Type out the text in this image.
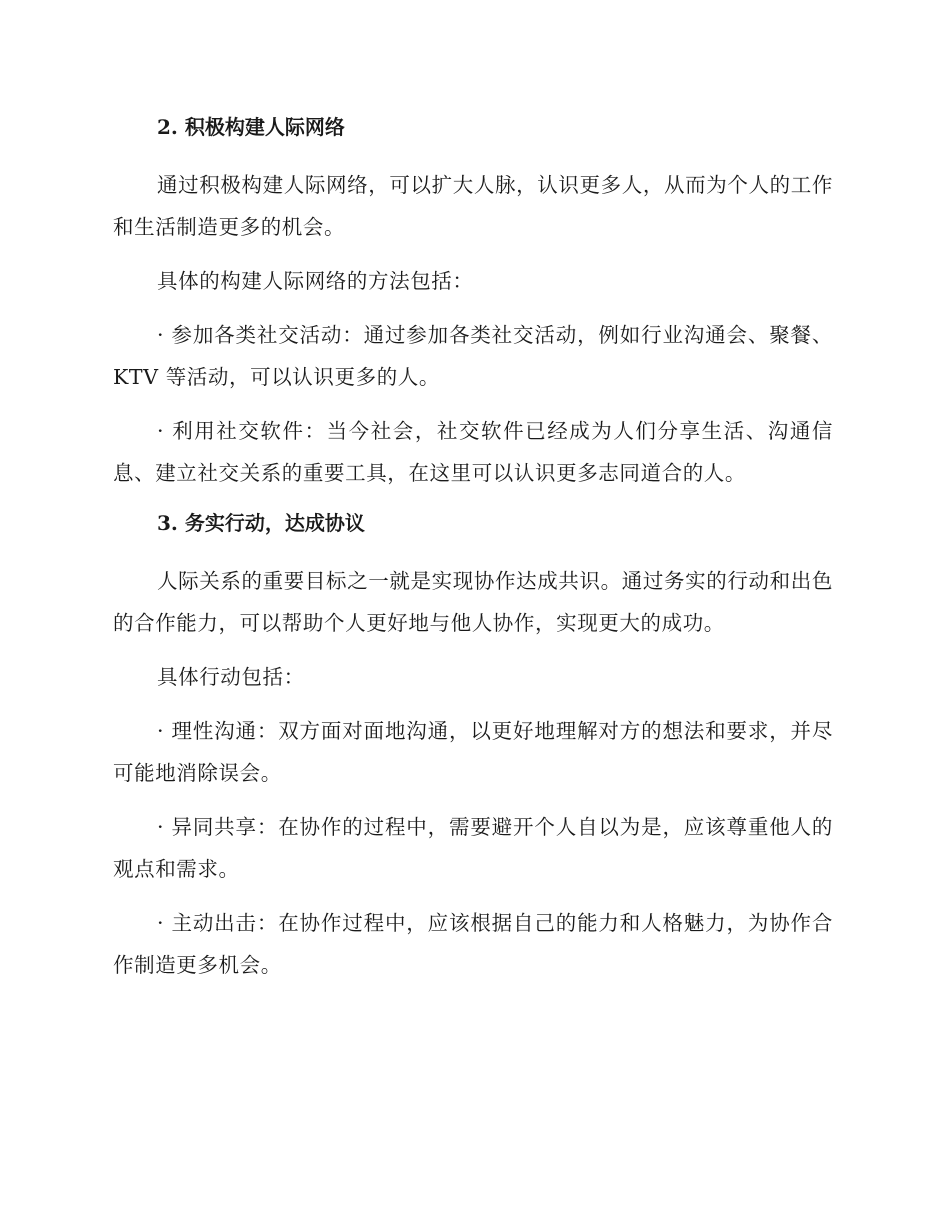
2. 积极构建人际网络

通过积极构建人际网络，可以扩大人脉，认识更多人，从而为个人的工作和生活制造更多的机会。

具体的构建人际网络的方法包括：

· 参加各类社交活动：通过参加各类社交活动，例如行业沟通会、聚餐、KTV 等活动，可以认识更多的人。

· 利用社交软件：当今社会，社交软件已经成为人们分享生活、沟通信息、建立社交关系的重要工具，在这里可以认识更多志同道合的人。

3. 务实行动，达成协议

人际关系的重要目标之一就是实现协作达成共识。通过务实的行动和出色的合作能力，可以帮助个人更好地与他人协作，实现更大的成功。

具体行动包括：

· 理性沟通：双方面对面地沟通，以更好地理解对方的想法和要求，并尽可能地消除误会。

· 异同共享：在协作的过程中，需要避开个人自以为是，应该尊重他人的观点和需求。

· 主动出击：在协作过程中，应该根据自己的能力和人格魅力，为协作合作制造更多机会。
